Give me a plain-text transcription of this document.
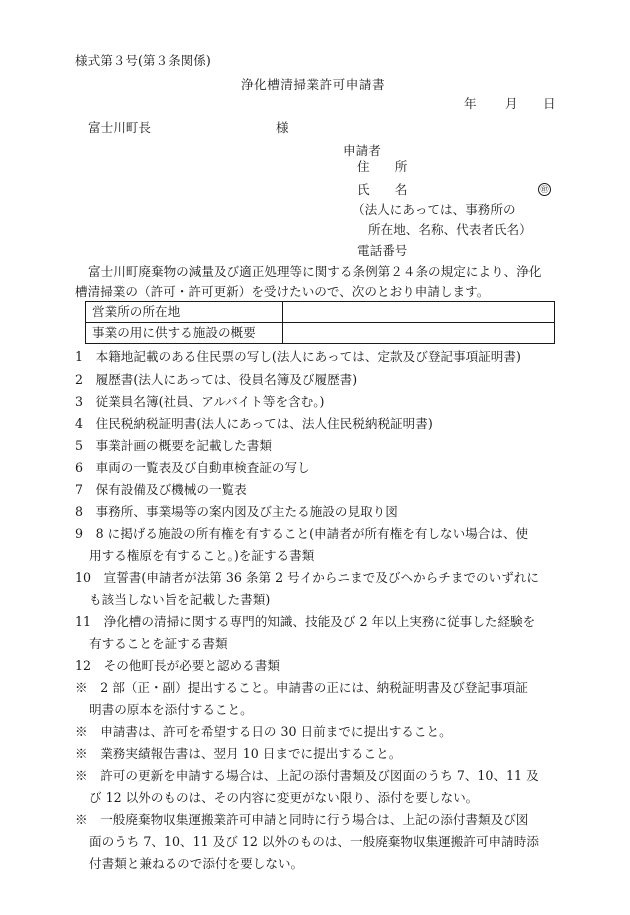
様式第３号(第３条関係)
浄化槽清掃業許可申請書
年 月 日
富士川町長	様
申請者
住　　所
氏　　名	㊞
（法人にあっては、事務所の
所在地、名称、代表者氏名）
電話番号
富士川町廃棄物の減量及び適正処理等に関する条例第２４条の規定により、浄化
槽清掃業の（許可・許可更新）を受けたいので、次のとおり申請します。
営業所の所在地	
事業の用に供する施設の概要	
1　本籍地記載のある住民票の写し(法人にあっては、定款及び登記事項証明書)
2　履歴書(法人にあっては、役員名簿及び履歴書)
3　従業員名簿(社員、アルバイト等を含む。)
4　住民税納税証明書(法人にあっては、法人住民税納税証明書)
5　事業計画の概要を記載した書類
6　車両の一覧表及び自動車検査証の写し
7　保有設備及び機械の一覧表
8　事務所、事業場等の案内図及び主たる施設の見取り図
9　8 に掲げる施設の所有権を有すること(申請者が所有権を有しない場合は、使
用する権原を有すること。)を証する書類
10　宣誓書(申請者が法第 36 条第 2 号イからニまで及びヘからチまでのいずれに
も該当しない旨を記載した書類)
11　浄化槽の清掃に関する専門的知識、技能及び 2 年以上実務に従事した経験を
有することを証する書類
12　その他町長が必要と認める書類
※　2 部（正・副）提出すること。申請書の正には、納税証明書及び登記事項証
明書の原本を添付すること。
※　申請書は、許可を希望する日の 30 日前までに提出すること。
※　業務実績報告書は、翌月 10 日までに提出すること。
※　許可の更新を申請する場合は、上記の添付書類及び図面のうち 7、10、11 及
び 12 以外のものは、その内容に変更がない限り、添付を要しない。
※　一般廃棄物収集運搬業許可申請と同時に行う場合は、上記の添付書類及び図
面のうち 7、10、11 及び 12 以外のものは、一般廃棄物収集運搬許可申請時添
付書類と兼ねるので添付を要しない。
